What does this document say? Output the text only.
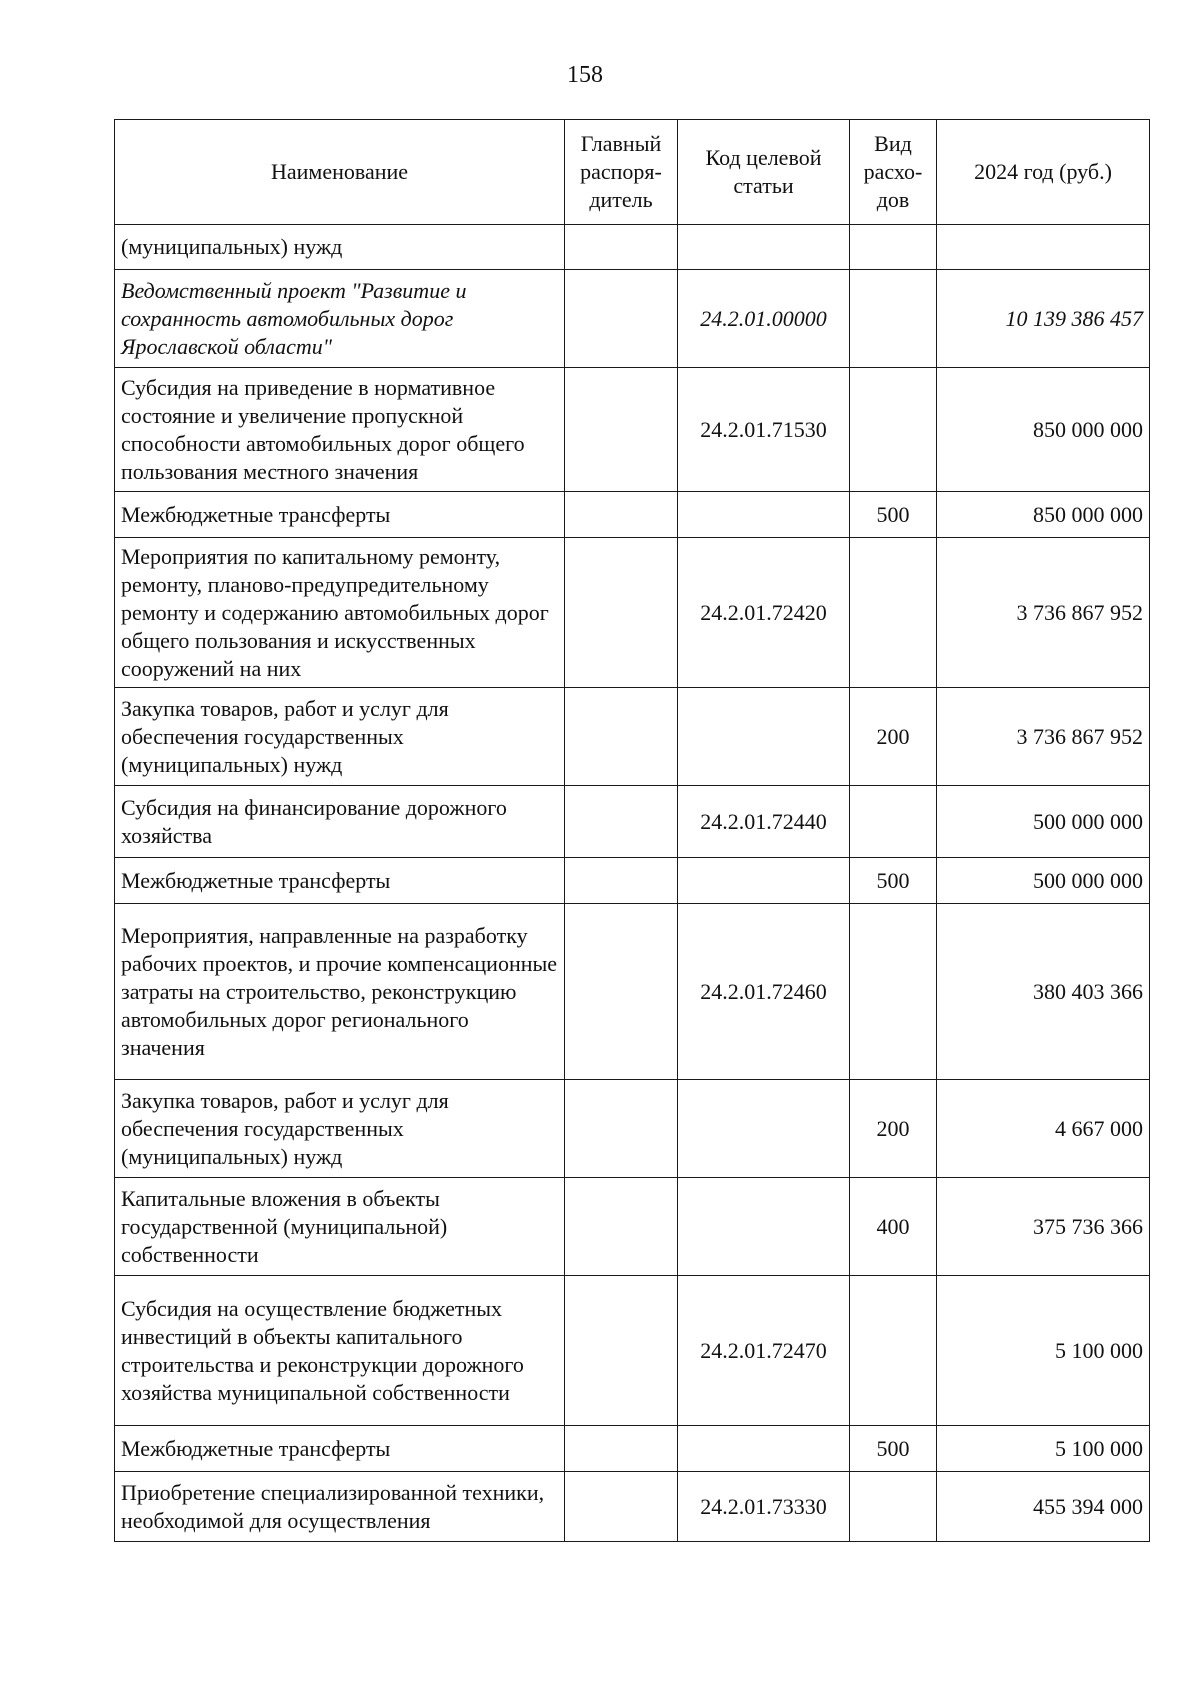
158
Наименование	Главный распоря-дитель	Код целевой статьи	Вид расхо-дов	2024 год (руб.)
(муниципальных) нужд				
Ведомственный проект "Развитие и сохранность автомобильных дорог Ярославской области"		24.2.01.00000		10 139 386 457
Субсидия на приведение в нормативное состояние и увеличение пропускной способности автомобильных дорог общего пользования местного значения		24.2.01.71530		850 000 000
Межбюджетные трансферты			500	850 000 000
Мероприятия по капитальному ремонту, ремонту, планово-предупредительному ремонту и содержанию автомобильных дорог общего пользования и искусственных сооружений на них		24.2.01.72420		3 736 867 952
Закупка товаров, работ и услуг для обеспечения государственных (муниципальных) нужд			200	3 736 867 952
Субсидия на финансирование дорожного хозяйства		24.2.01.72440		500 000 000
Межбюджетные трансферты			500	500 000 000
Мероприятия, направленные на разработку рабочих проектов, и прочие компенсационные затраты на строительство, реконструкцию автомобильных дорог регионального значения		24.2.01.72460		380 403 366
Закупка товаров, работ и услуг для обеспечения государственных (муниципальных) нужд			200	4 667 000
Капитальные вложения в объекты государственной (муниципальной) собственности			400	375 736 366
Субсидия на осуществление бюджетных инвестиций в объекты капитального строительства и реконструкции дорожного хозяйства муниципальной собственности		24.2.01.72470		5 100 000
Межбюджетные трансферты			500	5 100 000
Приобретение специализированной техники, необходимой для осуществления		24.2.01.73330		455 394 000
